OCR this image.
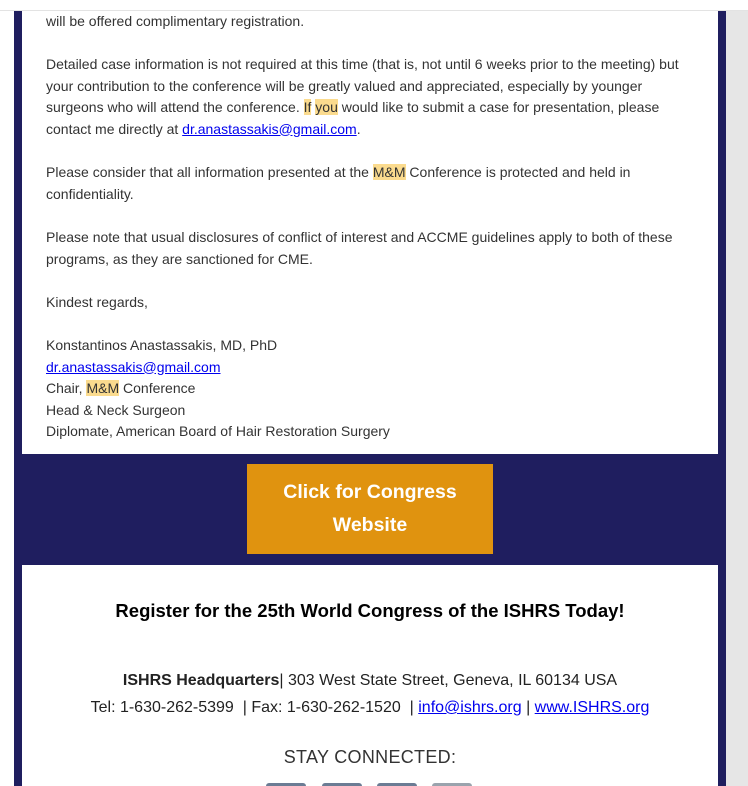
will be offered complimentary registration.

Detailed case information is not required at this time (that is, not until 6 weeks prior to the meeting) but your contribution to the conference will be greatly valued and appreciated, especially by younger surgeons who will attend the conference. If you would like to submit a case for presentation, please contact me directly at dr.anastassakis@gmail.com.

Please consider that all information presented at the M&M Conference is protected and held in confidentiality.

Please note that usual disclosures of conflict of interest and ACCME guidelines apply to both of these programs, as they are sanctioned for CME.

Kindest regards,

Konstantinos Anastassakis, MD, PhD
dr.anastassakis@gmail.com
Chair, M&M Conference
Head & Neck Surgeon
Diplomate, American Board of Hair Restoration Surgery
Click for Congress Website
Register for the 25th World Congress of the ISHRS Today!
ISHRS Headquarters| 303 West State Street, Geneva, IL 60134 USA
Tel: 1-630-262-5399  | Fax: 1-630-262-1520  | info@ishrs.org | www.ISHRS.org
STAY CONNECTED:
